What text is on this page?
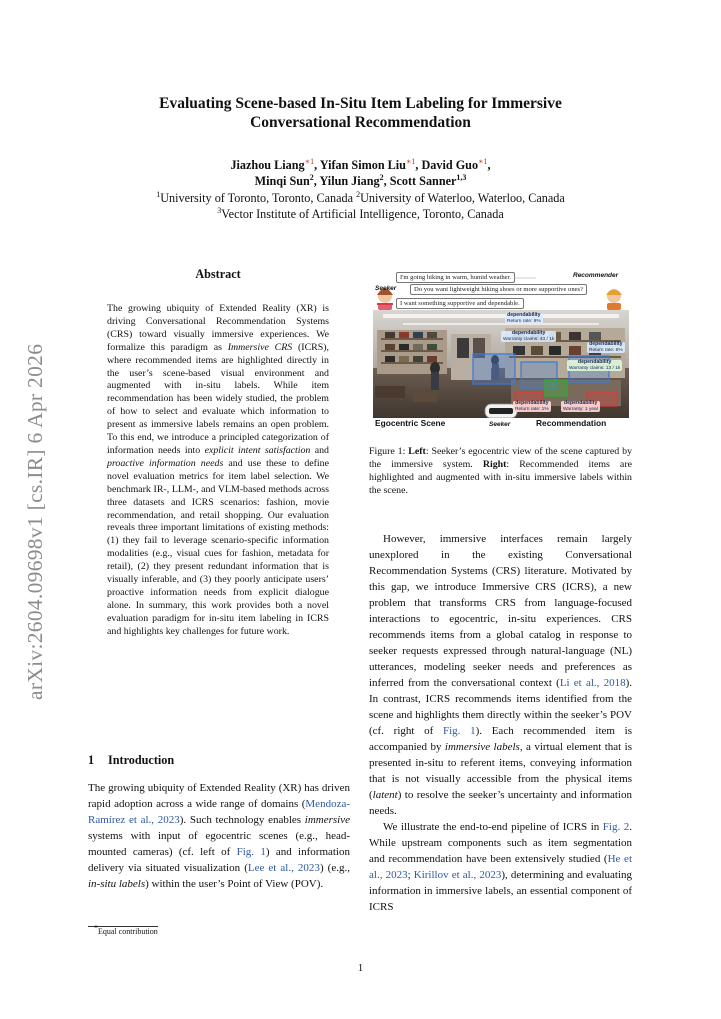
arXiv:2604.09698v1 [cs.IR] 6 Apr 2026
Evaluating Scene-based In-Situ Item Labeling for Immersive
Conversational Recommendation
Jiazhou Liang$^{∗1}$, Yifan Simon Liu$^{∗1}$, David Guo$^{∗1}$,
Minqi Sun$^2$, Yilun Jiang$^2$, Scott Sanner$^{1,3}$
$^1$University of Toronto, Toronto, Canada $^2$University of Waterloo, Waterloo, Canada
$^3$Vector Institute of Artificial Intelligence, Toronto, Canada
Abstract
The growing ubiquity of Extended Reality (XR) is driving Conversational Recommendation Systems (CRS) toward visually immersive experiences. We formalize this paradigm as Immersive CRS (ICRS), where recommended items are highlighted directly in the user’s scene-based visual environment and augmented with in-situ labels. While item recommendation has been widely studied, the problem of how to select and evaluate which information to present as immersive labels remains an open problem. To this end, we introduce a principled categorization of information needs into explicit intent satisfaction and proactive information needs and use these to define novel evaluation metrics for item label selection. We benchmark IR-, LLM-, and VLM-based methods across three datasets and ICRS scenarios: fashion, movie recommendation, and retail shopping. Our evaluation reveals three important limitations of existing methods: (1) they fail to leverage scenario-specific information modalities (e.g., visual cues for fashion, metadata for retail), (2) they present redundant information that is visually inferable, and (3) they poorly anticipate users’ proactive information needs from explicit dialogue alone. In summary, this work provides both a novel evaluation paradigm for in-situ item labeling in ICRS and highlights key challenges for future work.
1 Introduction
The growing ubiquity of Extended Reality (XR) has driven rapid adoption across a wide range of domains (Mendoza-Ramírez et al., 2023). Such technology enables immersive systems with input of egocentric scenes (e.g., head-mounted cameras) (cf. left of Fig. 1) and information delivery via situated visualization (Lee et al., 2023) (e.g., in-situ labels) within the user’s Point of View (POV).
*Equal contribution
I'm going hiking in warm, humid weather.	Recommender
Seeker	Do you want lightweight hiking shoes or more supportive ones?
I want something supportive and dependable.
dependability
Return rate: 9%
dependability
Warranty claims: 43 / 1k
dependability
Return rate: 6%
dependability
Warranty claims: 13 / 1k
dependability
Return rate: 1%
dependability
Warranty: 1 year
Egocentric Scene	Seeker	Recommendation
Figure 1: Left: Seeker’s egocentric view of the scene captured by the immersive system. Right: Recommended items are highlighted and augmented with in-situ immersive labels within the scene.

However, immersive interfaces remain largely unexplored in the existing Conversational Recommendation Systems (CRS) literature. Motivated by this gap, we introduce Immersive CRS (ICRS), a new problem that transforms CRS from language-focused interactions to egocentric, in-situ experiences. CRS recommends items from a global catalog in response to seeker requests expressed through natural-language (NL) utterances, modeling seeker needs and preferences as inferred from the conversational context (Li et al., 2018). In contrast, ICRS recommends items identified from the scene and highlights them directly within the seeker’s POV (cf. right of Fig. 1). Each recommended item is accompanied by immersive labels, a virtual element that is presented in-situ to referent items, conveying information that is not visually accessible from the physical items (latent) to resolve the seeker’s uncertainty and information needs.

We illustrate the end-to-end pipeline of ICRS in Fig. 2. While upstream components such as item segmentation and recommendation have been extensively studied (He et al., 2023; Kirillov et al., 2023), determining and evaluating information in immersive labels, an essential component of ICRS

1
